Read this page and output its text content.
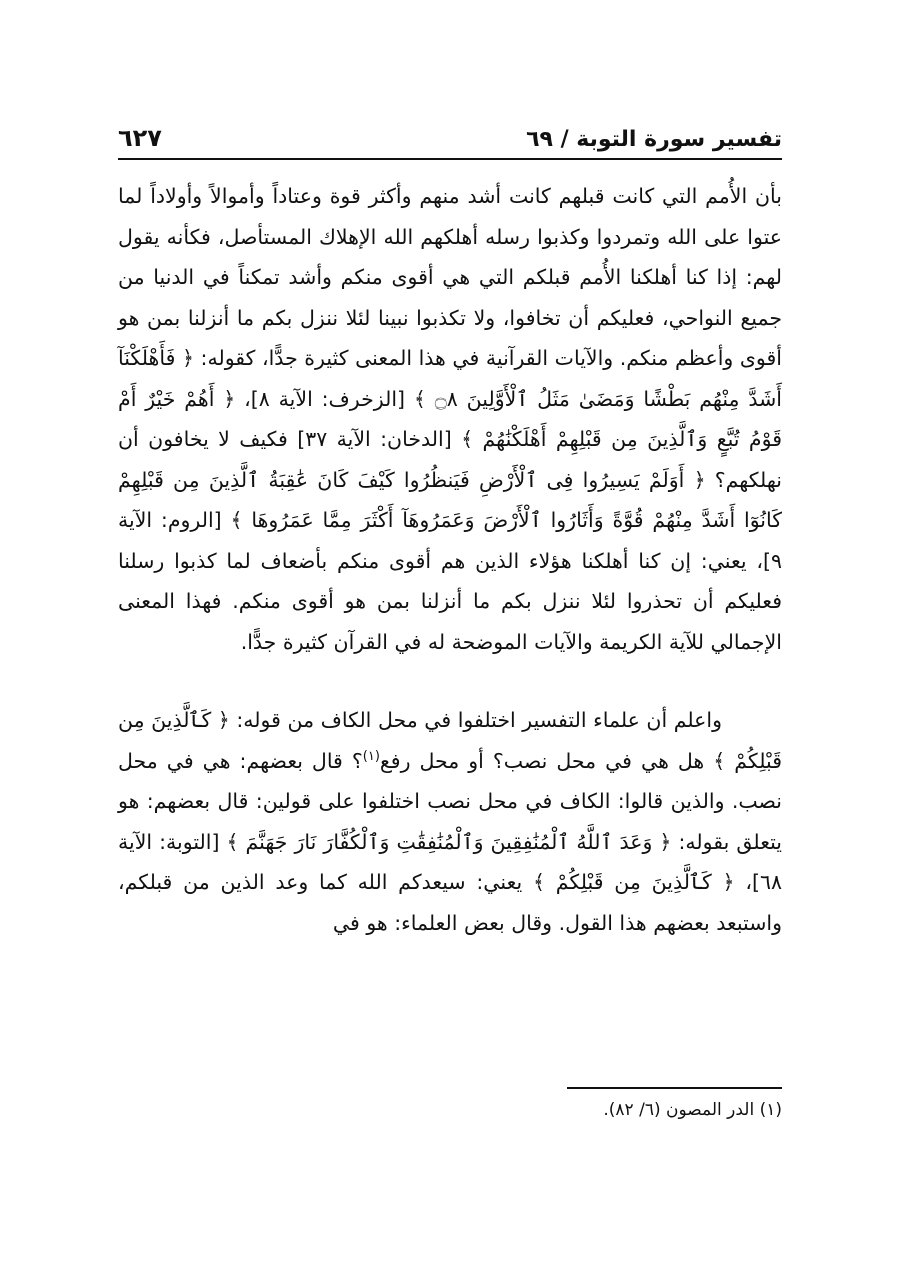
تفسير سورة التوبة / ٦٩
٦٢٧

بأن الأُمم التي كانت قبلهم كانت أشد منهم وأكثر قوة وعتاداً وأموالاً وأولاداً لما عتوا على الله وتمردوا وكذبوا رسله أهلكهم الله الإهلاك المستأصل، فكأنه يقول لهم: إذا كنا أهلكنا الأُمم قبلكم التي هي أقوى منكم وأشد تمكناً في الدنيا من جميع النواحي، فعليكم أن تخافوا، ولا تكذبوا نبينا لئلا ننزل بكم ما أنزلنا بمن هو أقوى وأعظم منكم. والآيات القرآنية في هذا المعنى كثيرة جدًّا، كقوله: ﴿ فَأَهْلَكْنَآ أَشَدَّ مِنْهُم بَطْشًا وَمَضَىٰ مَثَلُ ٱلْأَوَّلِينَ ۝٨ ﴾ [الزخرف: الآية ٨]، ﴿ أَهُمْ خَيْرٌ أَمْ قَوْمُ تُبَّعٍ وَٱلَّذِينَ مِن قَبْلِهِمْ أَهْلَكْنَٰهُمْ ﴾ [الدخان: الآية ٣٧] فكيف لا يخافون أن نهلكهم؟ ﴿ أَوَلَمْ يَسِيرُوا فِى ٱلْأَرْضِ فَيَنظُرُوا كَيْفَ كَانَ عَٰقِبَةُ ٱلَّذِينَ مِن قَبْلِهِمْ كَانُوٓا أَشَدَّ مِنْهُمْ قُوَّةً وَأَثَارُوا ٱلْأَرْضَ وَعَمَرُوهَآ أَكْثَرَ مِمَّا عَمَرُوهَا ﴾ [الروم: الآية ٩]، يعني: إن كنا أهلكنا هؤلاء الذين هم أقوى منكم بأضعاف لما كذبوا رسلنا فعليكم أن تحذروا لئلا ننزل بكم ما أنزلنا بمن هو أقوى منكم. فهذا المعنى الإجمالي للآية الكريمة والآيات الموضحة له في القرآن كثيرة جدًّا.

واعلم أن علماء التفسير اختلفوا في محل الكاف من قوله: ﴿ كَٱلَّذِينَ مِن قَبْلِكُمْ ﴾ هل هي في محل نصب؟ أو محل رفع$^{(١)}$؟ قال بعضهم: هي في محل نصب. والذين قالوا: الكاف في محل نصب اختلفوا على قولين: قال بعضهم: هو يتعلق بقوله: ﴿ وَعَدَ ٱللَّهُ ٱلْمُنَٰفِقِينَ وَٱلْمُنَٰفِقَٰتِ وَٱلْكُفَّارَ نَارَ جَهَنَّمَ ﴾ [التوبة: الآية ٦٨]، ﴿ كَٱلَّذِينَ مِن قَبْلِكُمْ ﴾ يعني: سيعدكم الله كما وعد الذين من قبلكم، واستبعد بعضهم هذا القول. وقال بعض العلماء: هو في

(١) الدر المصون (٦/ ٨٢).
